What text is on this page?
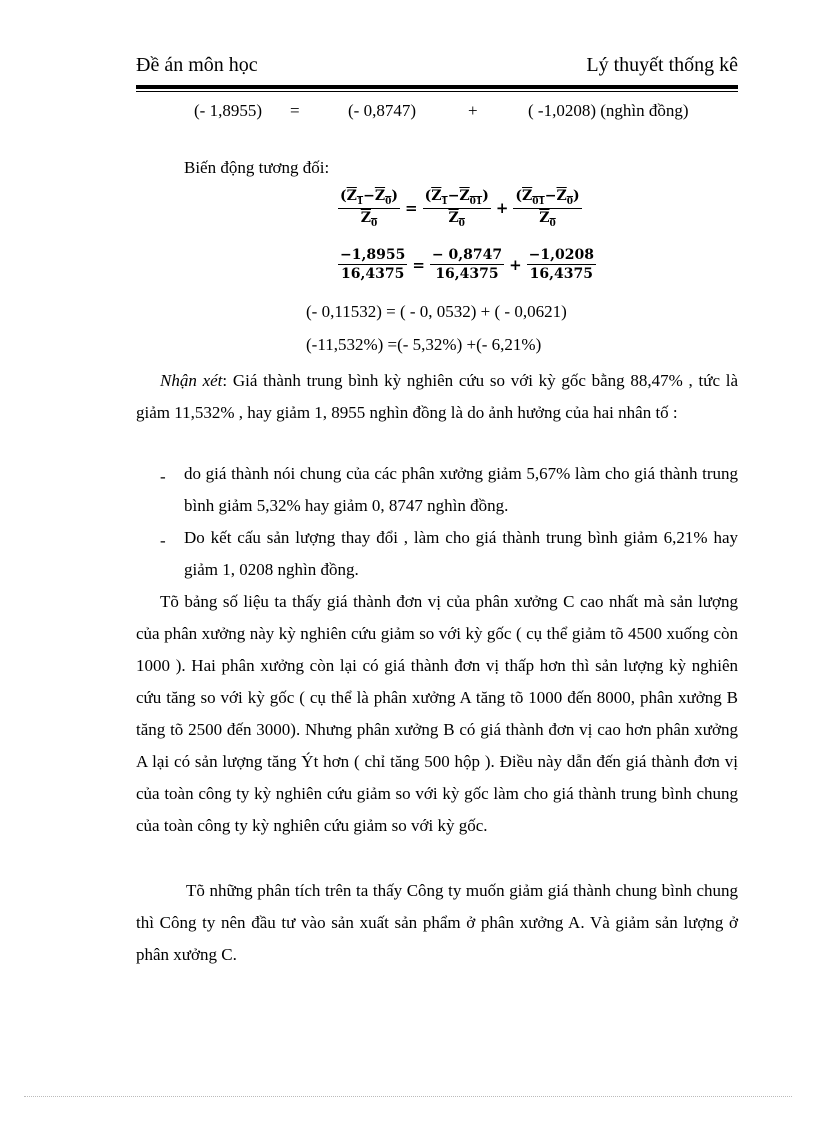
Đề án môn học	Lý thuyết thống kê
(- 1,8955) =	(- 0,8747)	+	( -1,0208) (nghìn đồng)
Biến động tương đối:
$\frac{(Z_1-Z_0)}{Z_0} = \frac{(Z_1-Z_{01})}{Z_0} + \frac{(Z_{01}-Z_0)}{Z_0}$
$\frac{-1,8955}{16,4375} = \frac{- 0,8747}{16,4375} + \frac{-1,0208}{16,4375}$
(- 0,11532) = ( - 0, 0532) + ( - 0,0621)
(-11,532%) =(- 5,32%) +(- 6,21%)
Nhận xét: Giá thành trung bình kỳ nghiên cứu so với kỳ gốc bằng 88,47% , tức là giảm 11,532% , hay giảm 1, 8955 nghìn đồng là do ảnh hưởng của hai nhân tố :
- do giá thành nói chung của các phân xưởng giảm 5,67% làm cho giá thành trung bình giảm 5,32% hay giảm 0, 8747 nghìn đồng.
- Do kết cấu sản lượng thay đổi , làm cho giá thành trung bình giảm 6,21% hay giảm 1, 0208 nghìn đồng.
Tõ bảng số liệu ta thấy giá thành đơn vị của phân xưởng C cao nhất mà sản lượng của phân xưởng này kỳ nghiên cứu giảm so với kỳ gốc ( cụ thể giảm tõ 4500 xuống còn 1000 ). Hai phân xưởng còn lại có giá thành đơn vị thấp hơn thì sản lượng kỳ nghiên cứu tăng so với kỳ gốc ( cụ thể là phân xưởng A tăng tõ 1000 đến 8000, phân xưởng B tăng tõ 2500 đến 3000). Nhưng phân xưởng B có giá thành đơn vị cao hơn phân xưởng A lại có sản lượng tăng Ýt hơn ( chỉ tăng 500 hộp ). Điều này dẫn đến giá thành đơn vị của toàn công ty kỳ nghiên cứu giảm so với kỳ gốc làm cho giá thành trung bình chung của toàn công ty kỳ nghiên cứu giảm so với kỳ gốc.
Tõ những phân tích trên ta thấy Công ty muốn giảm giá thành chung bình chung thì Công ty nên đầu tư vào sản xuất sản phẩm ở phân xưởng A. Và giảm sản lượng ở phân xưởng C.
